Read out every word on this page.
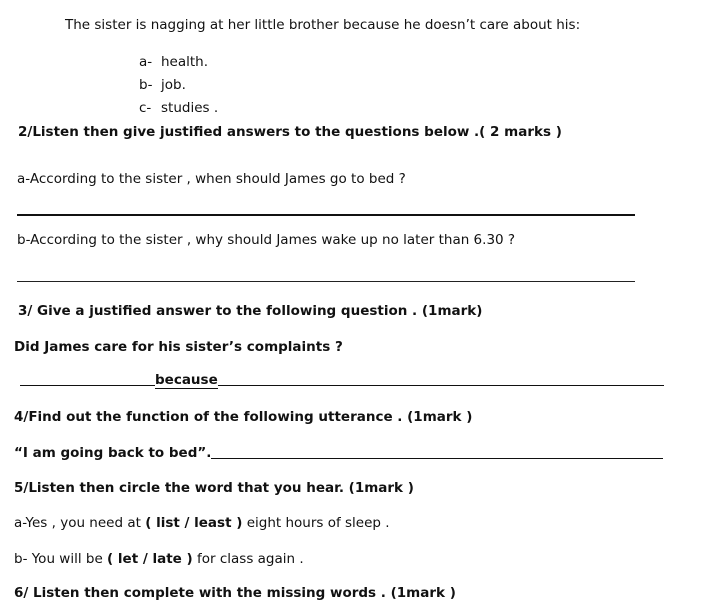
The sister is nagging at her little brother because he doesn’t care about his:
a- health.
b- job.
c- studies .
2/Listen then give justified answers to the questions below .( 2 marks )
a-According to the sister , when should James go to bed ?
b-According to the sister , why should James wake up no later than 6.30 ?
3/ Give a justified answer to the following question . (1mark)
Did James care for his sister’s complaints ?
because
4/Find out the function of the following utterance . (1mark )
“I am going back to bed”.
5/Listen then circle the word that you hear. (1mark )
a-Yes , you need at ( list / least ) eight hours of sleep .
b- You will be ( let / late ) for class again .
6/ Listen then complete with the missing words . (1mark )
